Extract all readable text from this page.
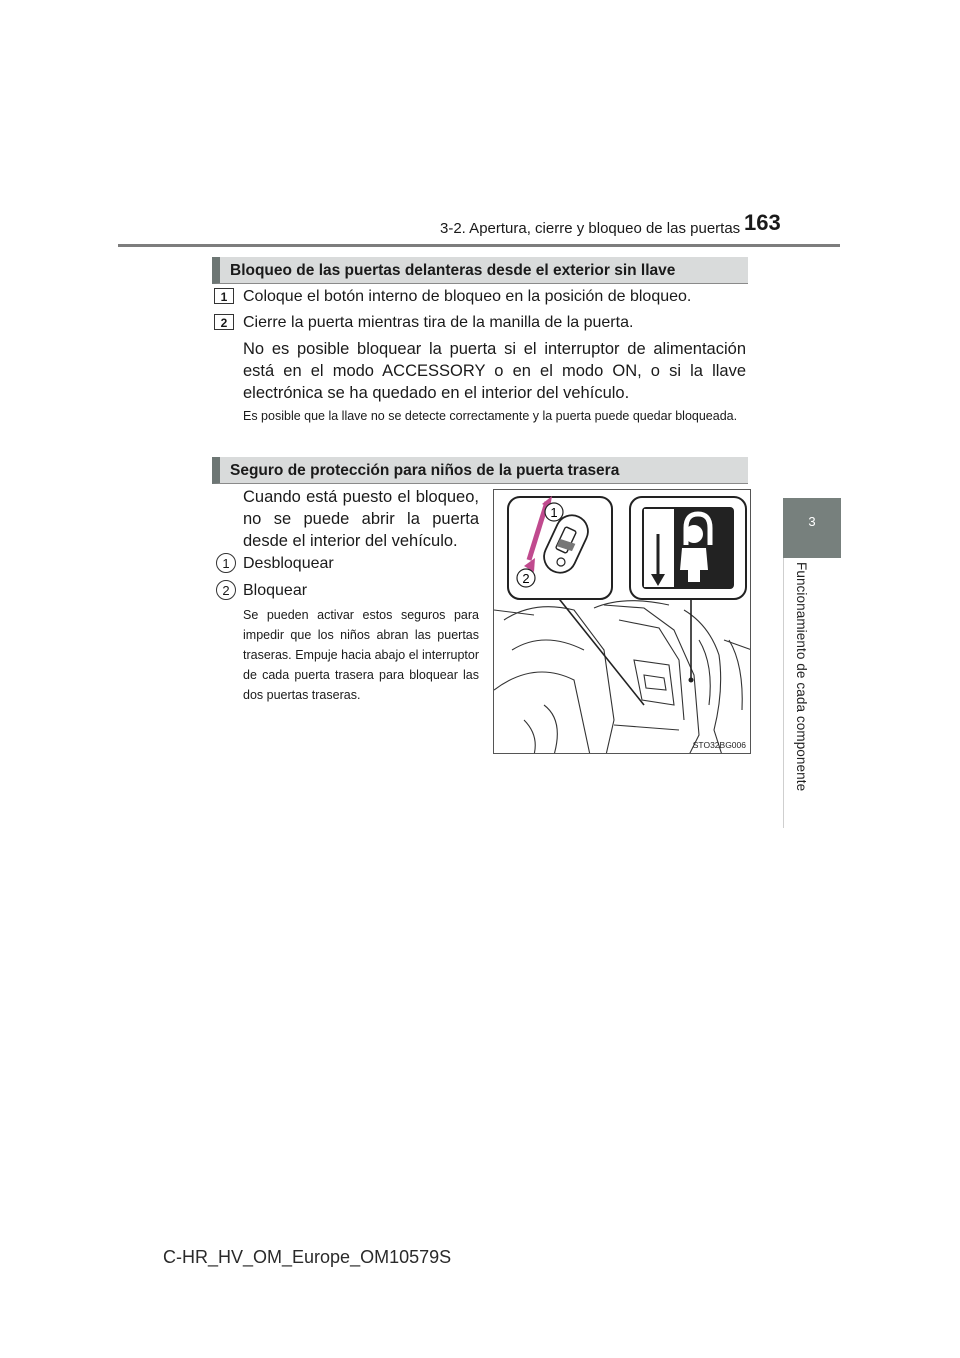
3-2. Apertura, cierre y bloqueo de las puertas 163
3
Funcionamiento de cada componente
Bloqueo de las puertas delanteras desde el exterior sin llave
1 Coloque el botón interno de bloqueo en la posición de bloqueo.
2 Cierre la puerta mientras tira de la manilla de la puerta.
No es posible bloquear la puerta si el interruptor de alimentación está en el modo ACCESSORY o en el modo ON, o si la llave electrónica se ha quedado en el interior del vehículo.
Es posible que la llave no se detecte correctamente y la puerta puede quedar bloqueada.
Seguro de protección para niños de la puerta trasera
Cuando está puesto el bloqueo, no se puede abrir la puerta desde el interior del vehículo.
1 Desbloquear
2 Bloquear
Se pueden activar estos seguros para impedir que los niños abran las puertas traseras. Empuje hacia abajo el interruptor de cada puerta trasera para bloquear las dos puertas traseras.
1
2
STO32BG006
C-HR_HV_OM_Europe_OM10579S
